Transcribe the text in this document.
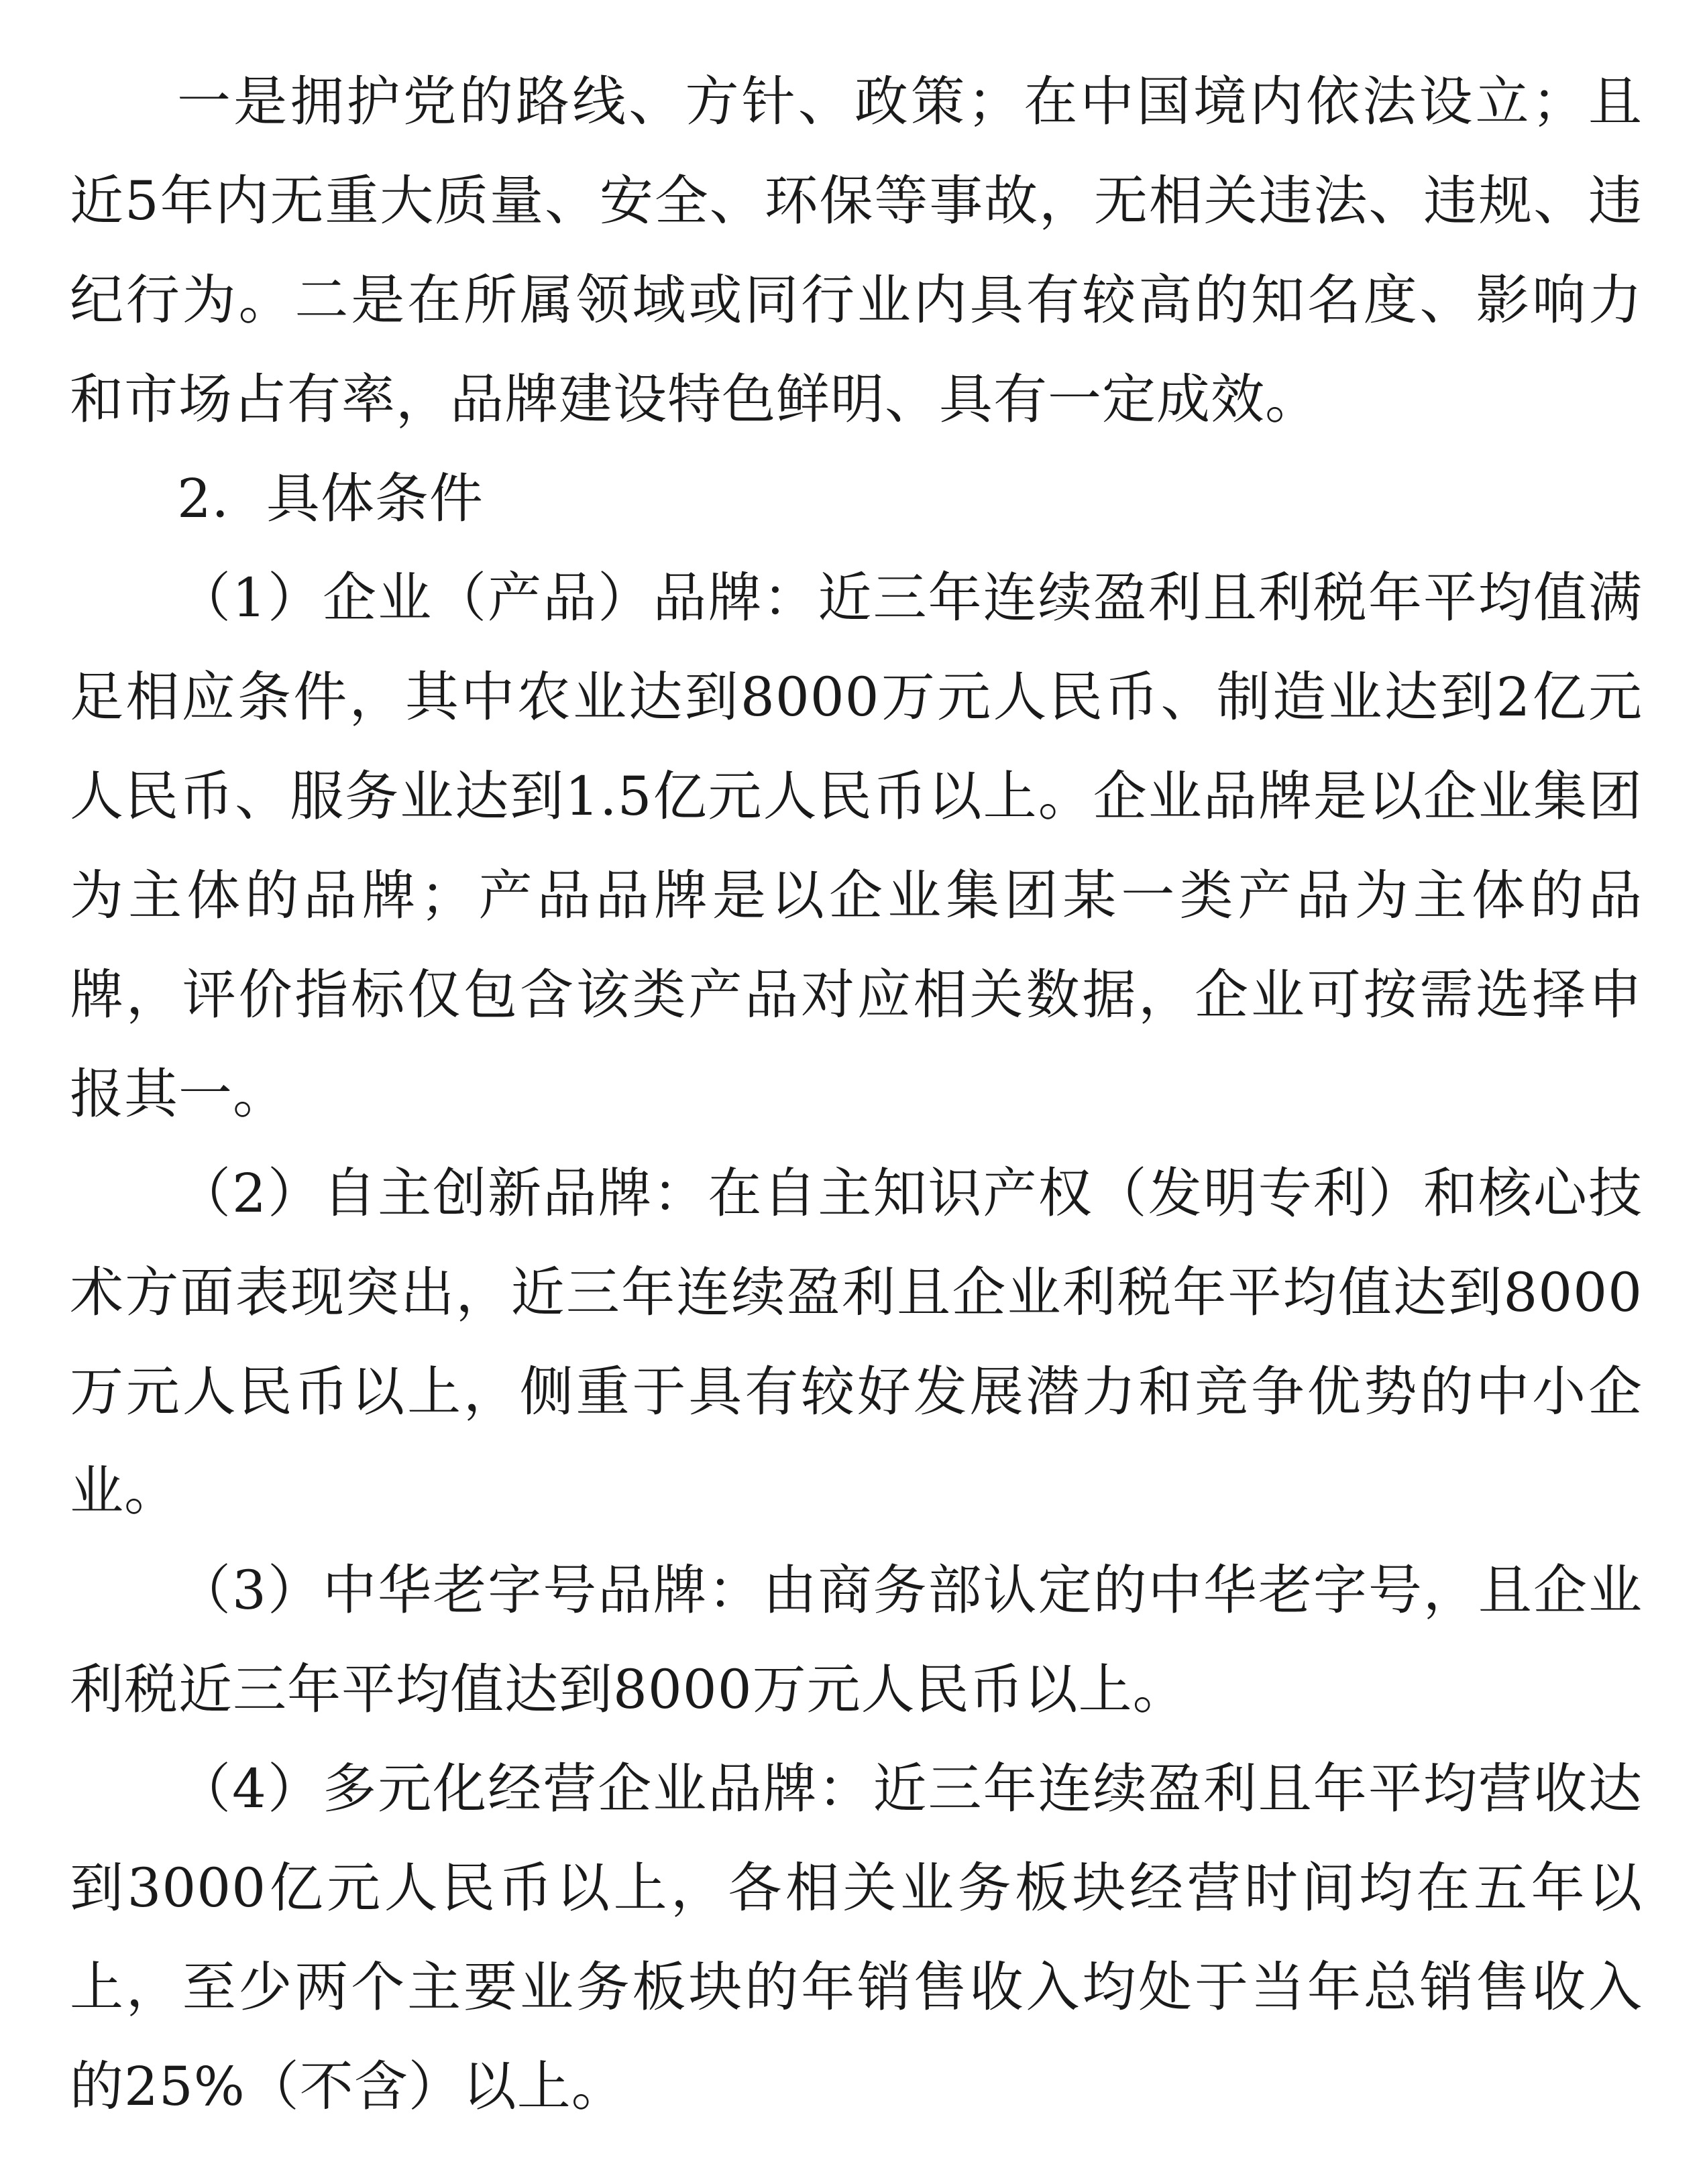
一是拥护党的路线、方针、政策；在中国境内依法设立；且近5年内无重大质量、安全、环保等事故，无相关违法、违规、违纪行为。二是在所属领域或同行业内具有较高的知名度、影响力和市场占有率，品牌建设特色鲜明、具有一定成效。

2．具体条件

（1）企业（产品）品牌：近三年连续盈利且利税年平均值满足相应条件，其中农业达到8000万元人民币、制造业达到2亿元人民币、服务业达到1.5亿元人民币以上。企业品牌是以企业集团为主体的品牌；产品品牌是以企业集团某一类产品为主体的品牌，评价指标仅包含该类产品对应相关数据，企业可按需选择申报其一。

（2）自主创新品牌：在自主知识产权（发明专利）和核心技术方面表现突出，近三年连续盈利且企业利税年平均值达到8000万元人民币以上，侧重于具有较好发展潜力和竞争优势的中小企业。

（3）中华老字号品牌：由商务部认定的中华老字号，且企业利税近三年平均值达到8000万元人民币以上。

（4）多元化经营企业品牌：近三年连续盈利且年平均营收达到3000亿元人民币以上，各相关业务板块经营时间均在五年以上，至少两个主要业务板块的年销售收入均处于当年总销售收入的25%（不含）以上。
